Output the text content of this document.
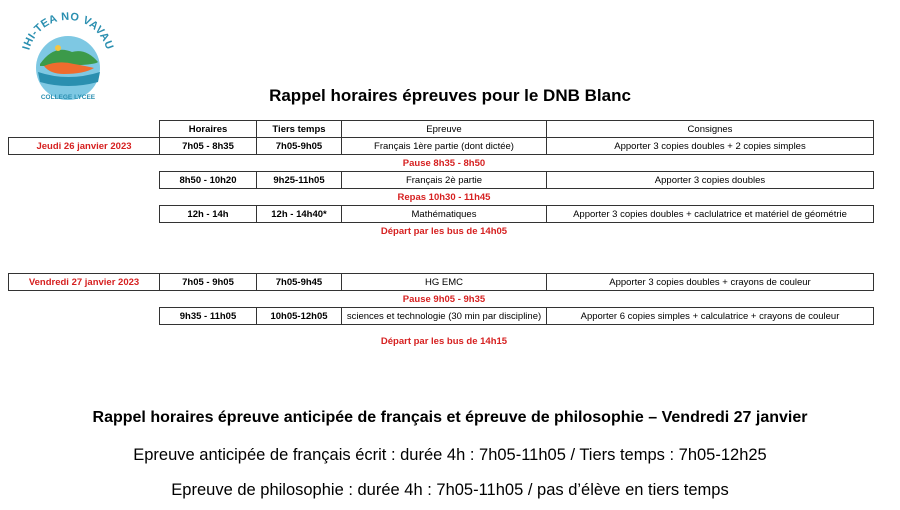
IHI-TEA NO VAVAU
COLLEGE LYCEE	Rappel horaires épreuves pour le DNB Blanc
	Horaires	Tiers temps	Epreuve	Consignes
Jeudi 26 janvier 2023	7h05 - 8h35	7h05-9h05	Français 1ère partie (dont dictée)	Apporter 3 copies doubles + 2 copies simples
			Pause 8h35 - 8h50	
	8h50 - 10h20	9h25-11h05	Français 2è partie	Apporter 3 copies doubles
			Repas 10h30 - 11h45	
	12h - 14h	12h - 14h40*	Mathématiques	Apporter 3 copies doubles + caclulatrice et matériel de géométrie
			Départ par les bus de 14h05	

Vendredi 27 janvier 2023	7h05 - 9h05	7h05-9h45	HG EMC	Apporter 3 copies doubles + crayons de couleur
			Pause 9h05 - 9h35	
	9h35 - 11h05	10h05-12h05	sciences et technologie (30 min par discipline)	Apporter 6 copies simples + calculatrice + crayons de couleur

			Départ par les bus de 14h15	
Rappel horaires épreuve anticipée de français et épreuve de philosophie – Vendredi 27 janvier
Epreuve anticipée de français écrit : durée 4h : 7h05-11h05 / Tiers temps : 7h05-12h25
Epreuve de philosophie : durée 4h : 7h05-11h05 / pas d’élève en tiers temps
